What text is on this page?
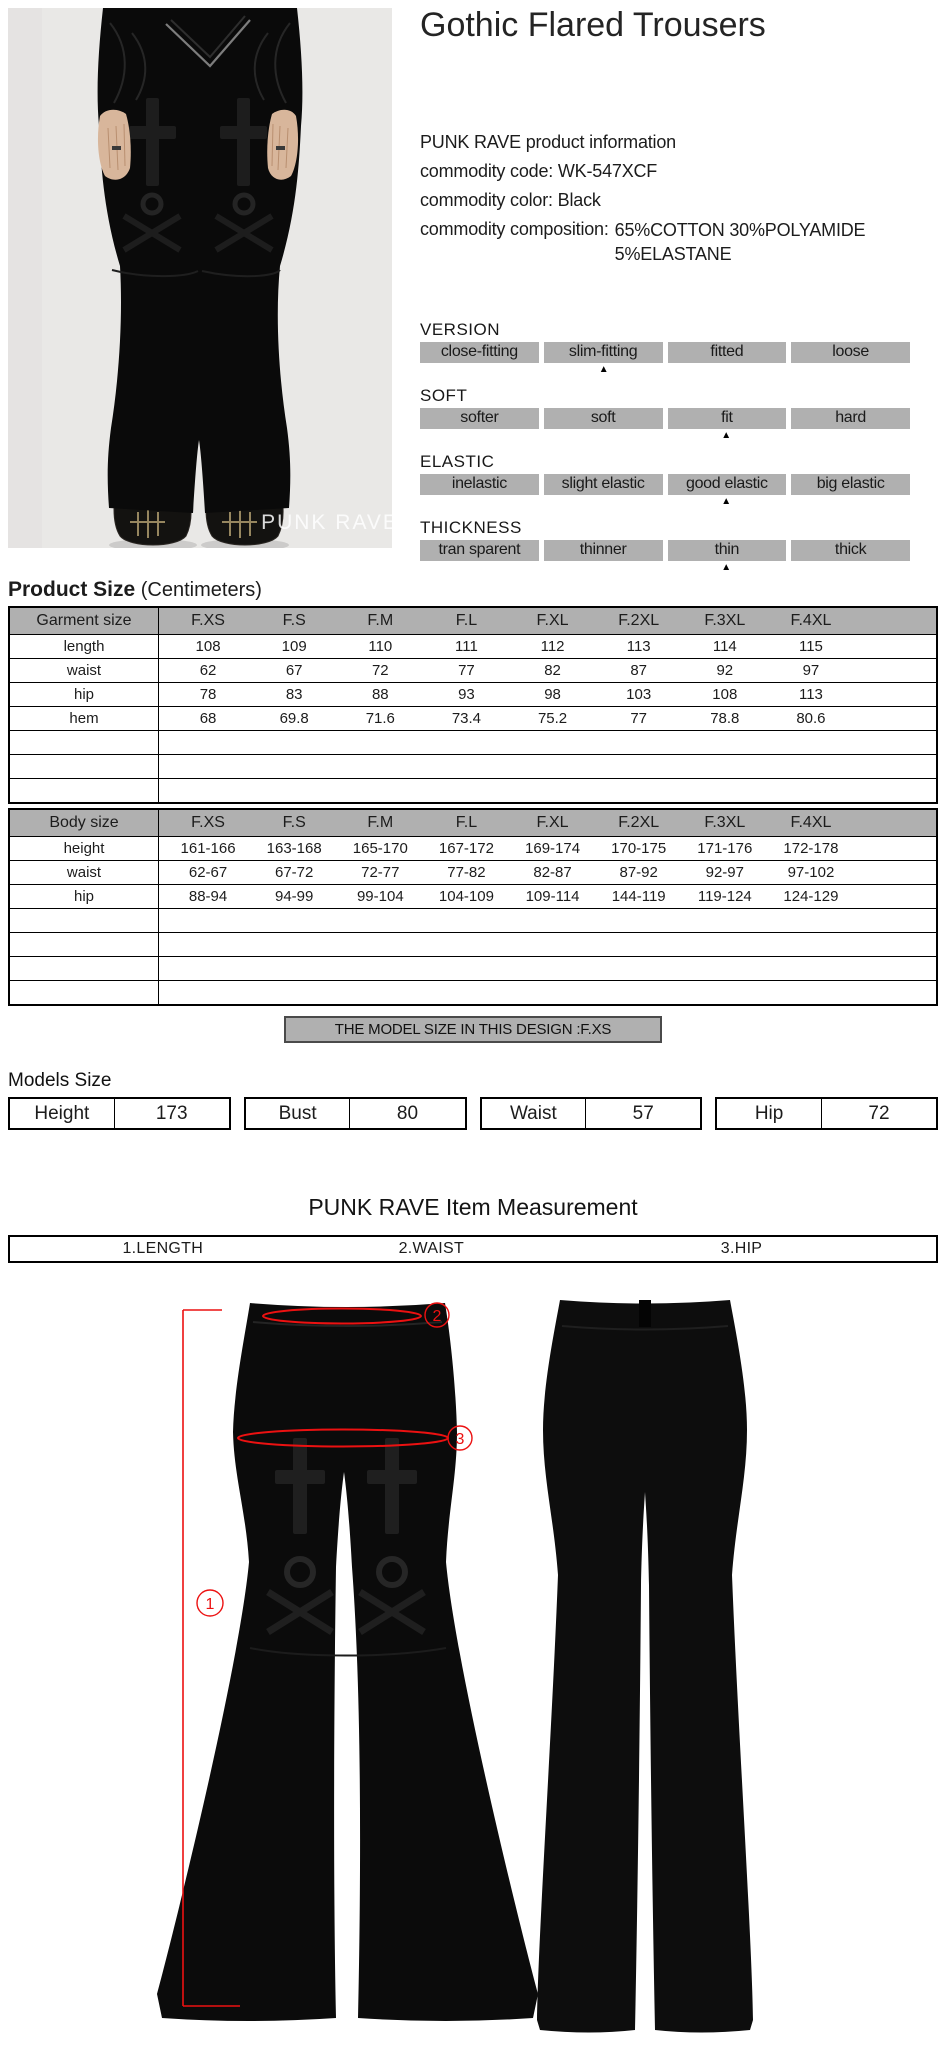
PUNK RAVE
Gothic Flared Trousers
PUNK RAVE product information
commodity code: WK-547XCF
commodity color: Black
commodity composition: 65%COTTON 30%POLYAMIDE
5%ELASTANE
VERSION
close-fitting	slim-fitting	fitted	loose
▲
SOFT
softer	soft	fit	hard
▲
ELASTIC
inelastic	slight elastic	good elastic	big elastic
▲
THICKNESS
tran sparent	thinner	thin	thick
▲
Product Size (Centimeters)
Garment size	F.XS	F.S	F.M	F.L	F.XL	F.2XL	F.3XL	F.4XL
length	108	109	110	111	112	113	114	115
waist	62	67	72	77	82	87	92	97
hip	78	83	88	93	98	103	108	113
hem	68	69.8	71.6	73.4	75.2	77	78.8	80.6
Body size	F.XS	F.S	F.M	F.L	F.XL	F.2XL	F.3XL	F.4XL
height	161-166	163-168	165-170	167-172	169-174	170-175	171-176	172-178
waist	62-67	67-72	72-77	77-82	82-87	87-92	92-97	97-102
hip	88-94	94-99	99-104	104-109	109-114	144-119	119-124	124-129
THE MODEL SIZE IN THIS DESIGN :F.XS
Models Size
Height	173	Bust	80	Waist	57	Hip	72
PUNK RAVE Item Measurement
1.LENGTH	2.WAIST	3.HIP
1
2
3
